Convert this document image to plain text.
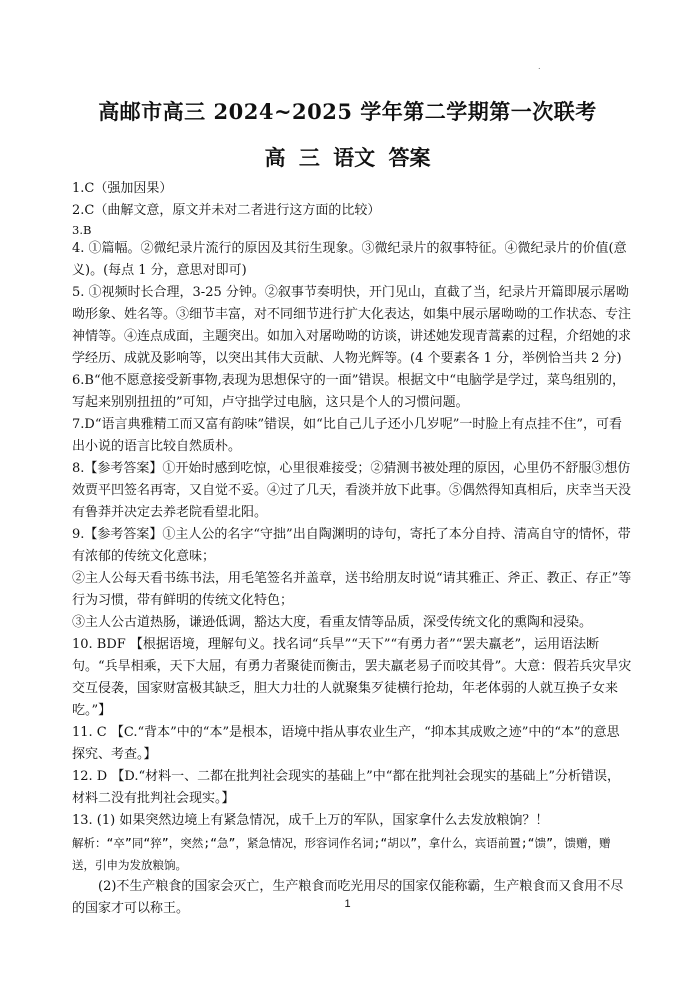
.
高邮市高三 2024~2025 学年第二学期第一次联考
高 三 语文 答案

1.C（强加因果）

2.C（曲解文意，原文并未对二者进行这方面的比较）

3.B

4. ①篇幅。②微纪录片流行的原因及其衍生现象。③微纪录片的叙事特征。④微纪录片的价值(意义)。(每点 1 分，意思对即可)

5. ①视频时长合理，3-25 分钟。②叙事节奏明快，开门见山，直截了当，纪录片开篇即展示屠呦呦形象、姓名等。③细节丰富，对不同细节进行扩大化表达，如集中展示屠呦呦的工作状态、专注神情等。④连点成面，主题突出。如加入对屠呦呦的访谈，讲述她发现青蒿素的过程，介绍她的求学经历、成就及影响等，以突出其伟大贡献、人物光辉等。(4 个要素各 1 分，举例恰当共 2 分)

6.B“他不愿意接受新事物,表现为思想保守的一面”错误。根据文中“电脑学是学过，菜鸟组别的，写起来别别扭扭的”可知，卢守拙学过电脑，这只是个人的习惯问题。

7.D“语言典雅精工而又富有韵味”错误，如“比自己儿子还小几岁呢”一时脸上有点挂不住”，可看出小说的语言比较自然质朴。

8.【参考答案】①开始时感到吃惊，心里很难接受；②猜测书被处理的原因，心里仍不舒服③想仿效贾平凹签名再寄，又自觉不妥。④过了几天，看淡并放下此事。⑤偶然得知真相后，庆幸当天没有鲁莽并决定去养老院看望北阳。

9.【参考答案】①主人公的名字“守拙”出自陶渊明的诗句，寄托了本分自持、清高自守的情怀，带有浓郁的传统文化意味；

②主人公每天看书练书法，用毛笔签名并盖章，送书给朋友时说“请其雅正、斧正、教正、存正”等行为习惯，带有鲜明的传统文化特色；

③主人公古道热肠，谦逊低调，豁达大度，看重友情等品质，深受传统文化的熏陶和浸染。

10. BDF 【根据语境，理解句义。找名词“兵旱”“天下”“有勇力者”“罢夫羸老”，运用语法断句。“兵旱相乘，天下大屈，有勇力者聚徒而衡击，罢夫羸老易子而咬其骨”。大意：假若兵灾旱灾交互侵袭，国家财富极其缺乏，胆大力壮的人就聚集歹徒横行抢劫，年老体弱的人就互换子女来吃。”】

11. C 【C.“背本”中的“本”是根本，语境中指从事农业生产，“抑本其成败之迹”中的“本”的意思探究、考查。】

12. D 【D.“材料一、二都在批判社会现实的基础上”中“都在批判社会现实的基础上”分析错误，材料二没有批判社会现实。】

13. (1) 如果突然边境上有紧急情况，成千上万的军队，国家拿什么去发放粮饷？！

解析：“卒”同“猝”，突然;“急”，紧急情况，形容词作名词;“胡以”，拿什么，宾语前置;“馈”，馈赠，赠送，引申为发放粮饷。

(2)不生产粮食的国家会灭亡，生产粮食而吃光用尽的国家仅能称霸，生产粮食而又食用不尽的国家才可以称王。	1
